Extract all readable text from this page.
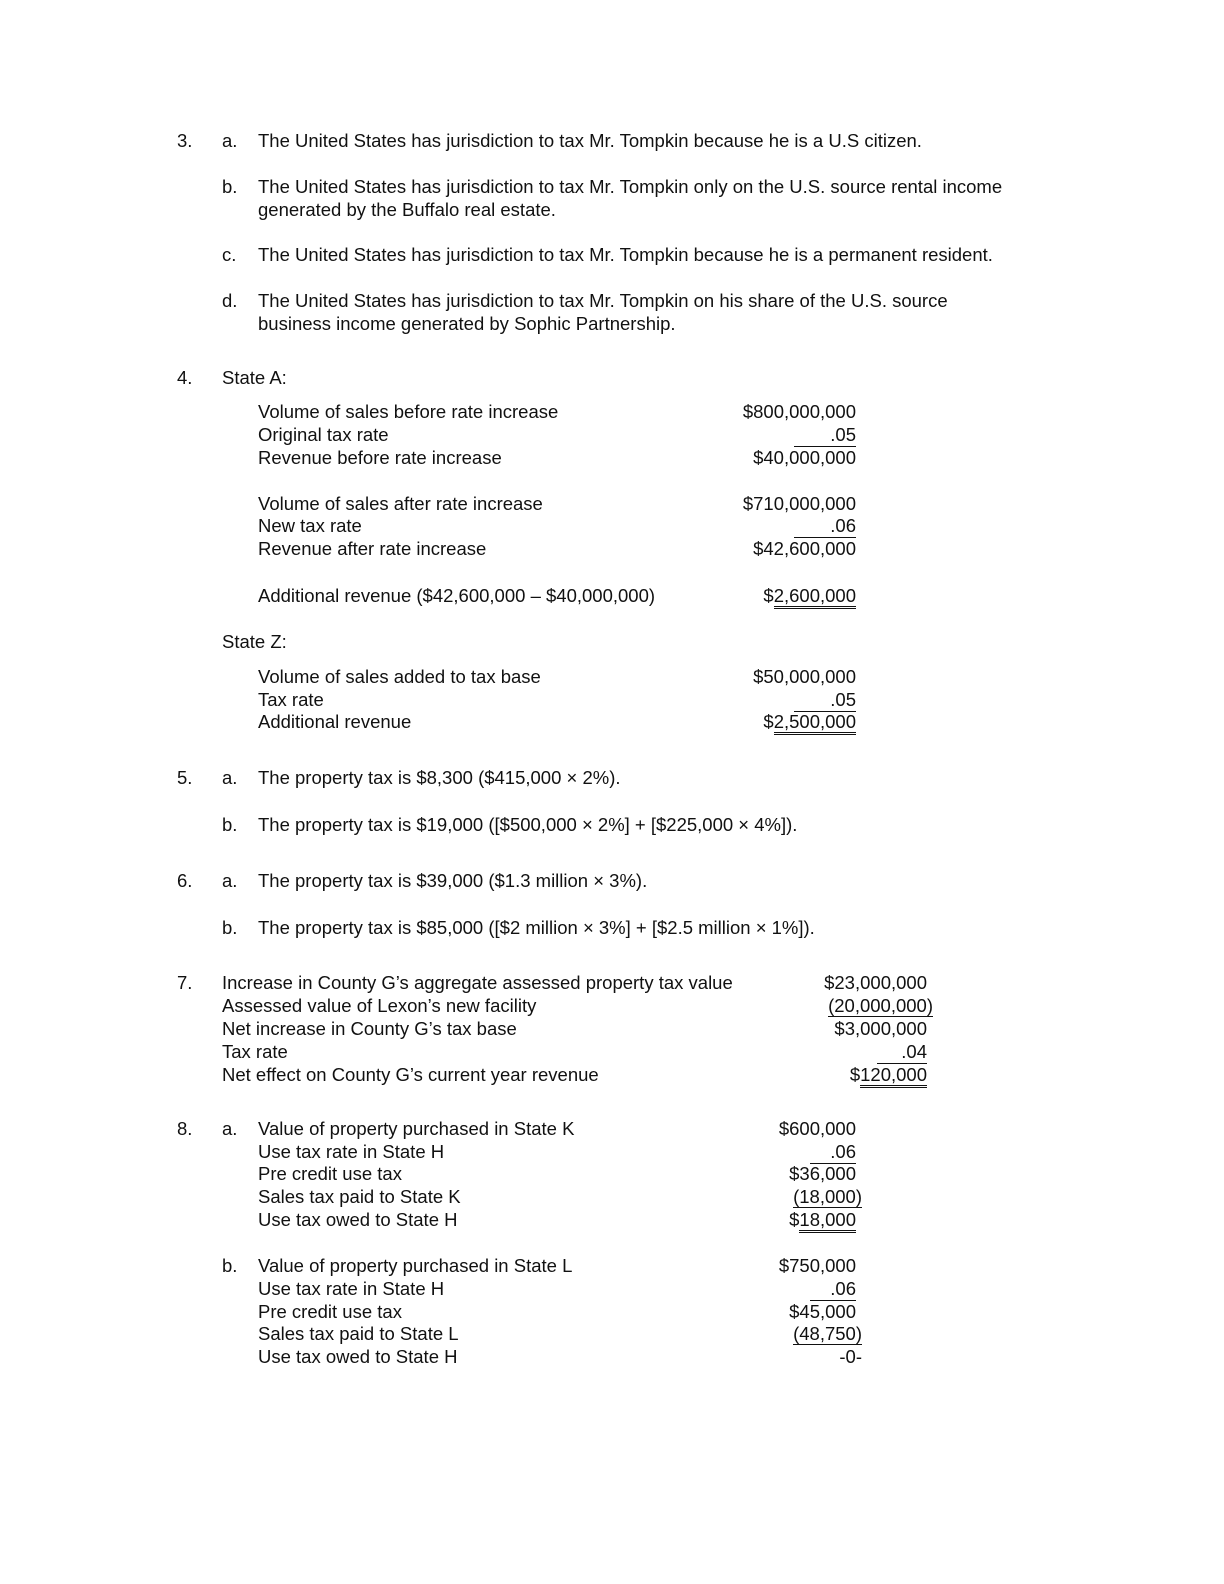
3. a. The United States has jurisdiction to tax Mr. Tompkin because he is a U.S citizen.
b. The United States has jurisdiction to tax Mr. Tompkin only on the U.S. source rental income
generated by the Buffalo real estate.
c. The United States has jurisdiction to tax Mr. Tompkin because he is a permanent resident.
d. The United States has jurisdiction to tax Mr. Tompkin on his share of the U.S. source
business income generated by Sophic Partnership.
4. State A:
Volume of sales before rate increase	$800,000,000
Original tax rate	.05
Revenue before rate increase	$40,000,000
Volume of sales after rate increase	$710,000,000
New tax rate	.06
Revenue after rate increase	$42,600,000
Additional revenue ($42,600,000 – $40,000,000)	$2,600,000
State Z:
Volume of sales added to tax base	$50,000,000
Tax rate	.05
Additional revenue	$2,500,000
5. a. The property tax is $8,300 ($415,000 × 2%).
b. The property tax is $19,000 ([$500,000 × 2%] + [$225,000 × 4%]).
6. a. The property tax is $39,000 ($1.3 million × 3%).
b. The property tax is $85,000 ([$2 million × 3%] + [$2.5 million × 1%]).
7. Increase in County G’s aggregate assessed property tax value	$23,000,000
Assessed value of Lexon’s new facility	(20,000,000)
Net increase in County G’s tax base	$3,000,000
Tax rate	.04
Net effect on County G’s current year revenue	$120,000
8. a. Value of property purchased in State K	$600,000
Use tax rate in State H	.06
Pre credit use tax	$36,000
Sales tax paid to State K	(18,000)
Use tax owed to State H	$18,000
b. Value of property purchased in State L	$750,000
Use tax rate in State H	.06
Pre credit use tax	$45,000
Sales tax paid to State L	(48,750)
Use tax owed to State H	-0-
